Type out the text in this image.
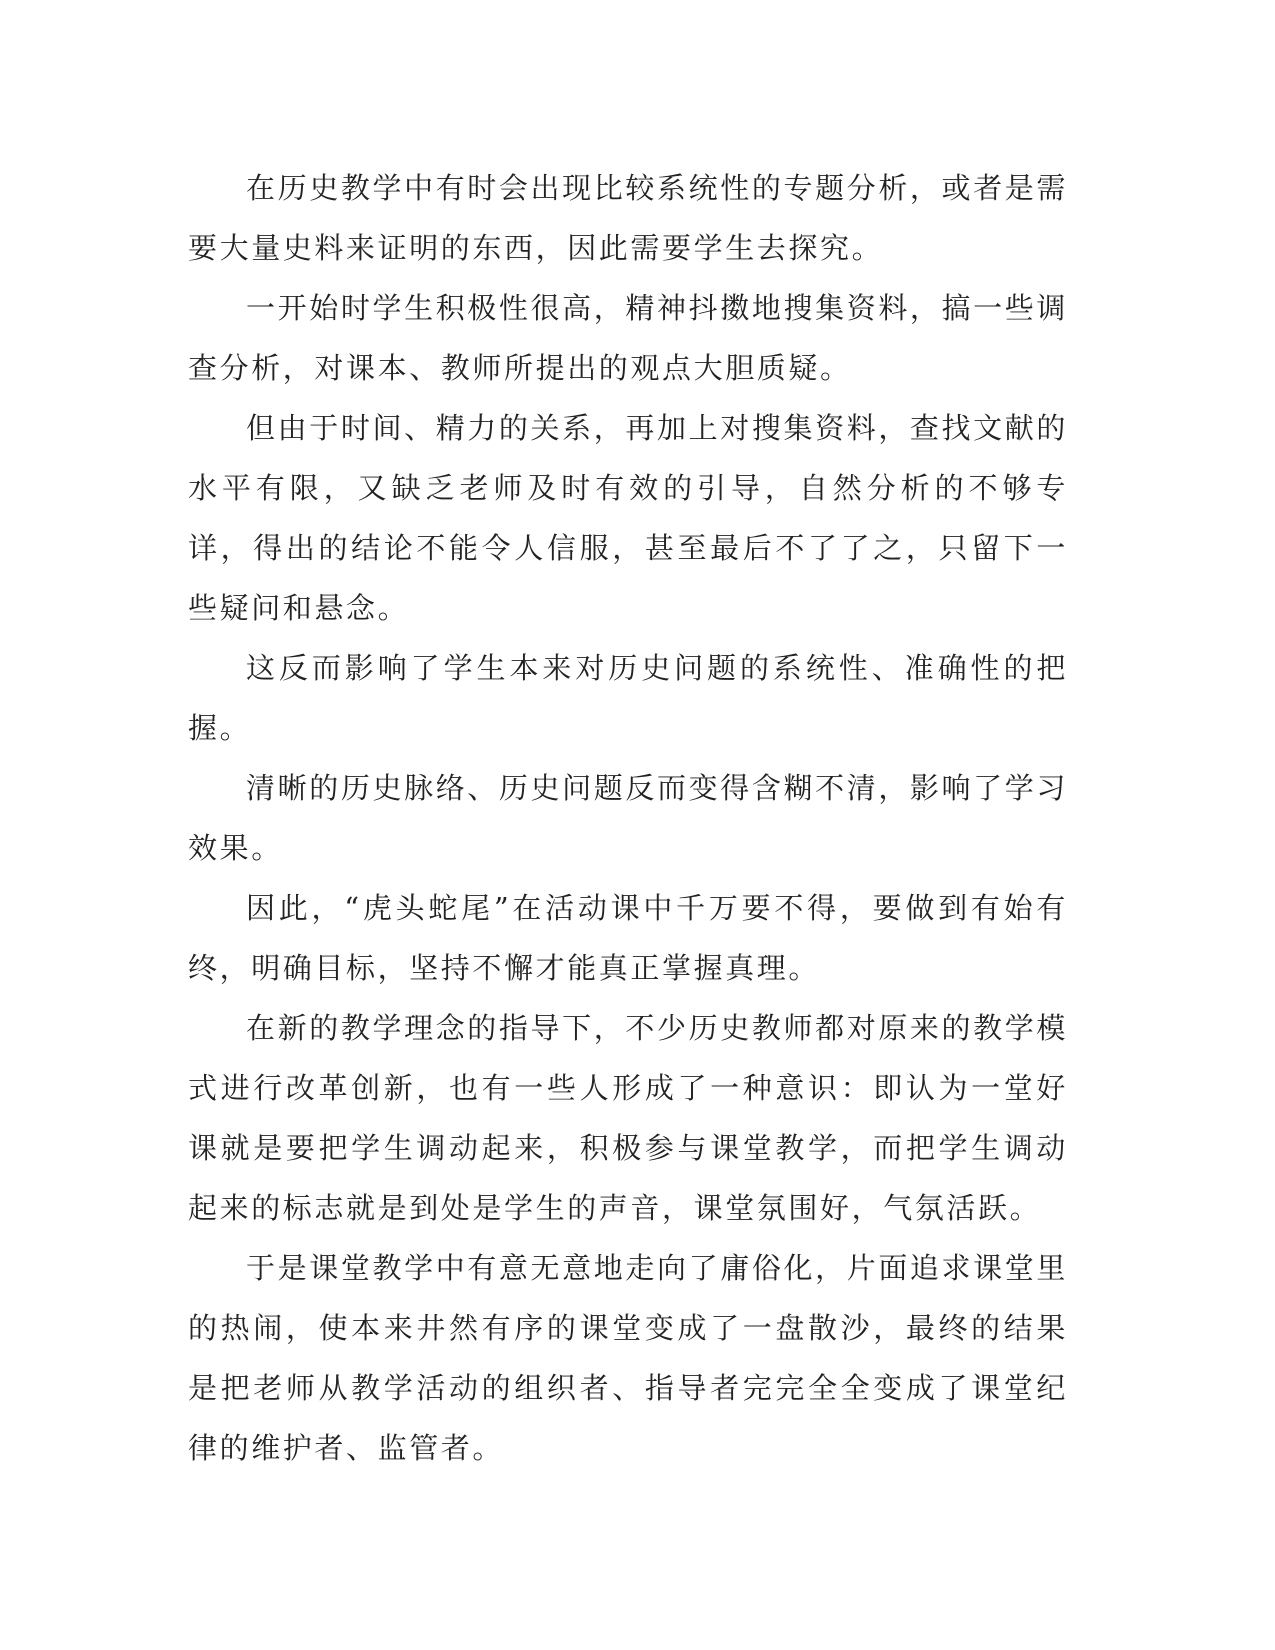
在历史教学中有时会出现比较系统性的专题分析，或者是需要大量史料来证明的东西，因此需要学生去探究。

一开始时学生积极性很高，精神抖擞地搜集资料，搞一些调查分析，对课本、教师所提出的观点大胆质疑。

但由于时间、精力的关系，再加上对搜集资料，查找文献的水平有限，又缺乏老师及时有效的引导，自然分析的不够专详，得出的结论不能令人信服，甚至最后不了了之，只留下一些疑问和悬念。

这反而影响了学生本来对历史问题的系统性、准确性的把握。

清晰的历史脉络、历史问题反而变得含糊不清，影响了学习效果。

因此，“虎头蛇尾”在活动课中千万要不得，要做到有始有终，明确目标，坚持不懈才能真正掌握真理。

在新的教学理念的指导下，不少历史教师都对原来的教学模式进行改革创新，也有一些人形成了一种意识：即认为一堂好课就是要把学生调动起来，积极参与课堂教学，而把学生调动起来的标志就是到处是学生的声音，课堂氛围好，气氛活跃。

于是课堂教学中有意无意地走向了庸俗化，片面追求课堂里的热闹，使本来井然有序的课堂变成了一盘散沙，最终的结果是把老师从教学活动的组织者、指导者完完全全变成了课堂纪律的维护者、监管者。
